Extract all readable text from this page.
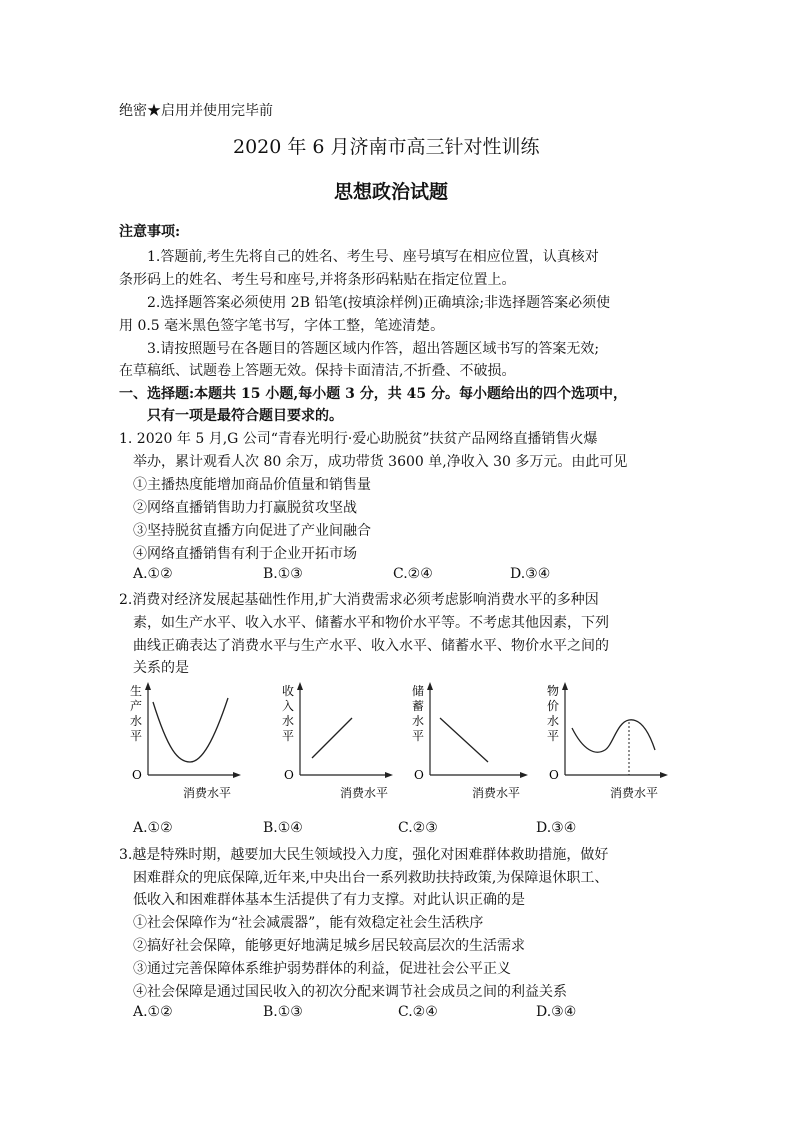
绝密★启用并使用完毕前
2020 年 6 月济南市高三针对性训练
思想政治试题
注意事项:
1.答题前,考生先将自己的姓名、考生号、座号填写在相应位置，认真核对
条形码上的姓名、考生号和座号,并将条形码粘贴在指定位置上。
2.选择题答案必须使用 2B 铅笔(按填涂样例)正确填涂;非选择题答案必须使
用 0.5 毫米黑色签字笔书写，字体工整，笔迹清楚。
3.请按照题号在各题目的答题区域内作答，超出答题区域书写的答案无效;
在草稿纸、试题卷上答题无效。保持卡面清洁,不折叠、不破损。
一、选择题:本题共 15 小题,每小题 3 分，共 45 分。每小题给出的四个选项中，
只有一项是最符合题目要求的。
1. 2020 年 5 月,G 公司“青春光明行·爱心助脱贫”扶贫产品网络直播销售火爆
举办，累计观看人次 80 余万，成功带货 3600 单,净收入 30 多万元。由此可见
①主播热度能增加商品价值量和销售量
②网络直播销售助力打赢脱贫攻坚战
③坚持脱贫直播方向促进了产业间融合
④网络直播销售有利于企业开拓市场
A.①②	B.①③	C.②④	D.③④
2.消费对经济发展起基础性作用,扩大消费需求必须考虑影响消费水平的多种因
素，如生产水平、收入水平、储蓄水平和物价水平等。不考虑其他因素，下列
曲线正确表达了消费水平与生产水平、收入水平、储蓄水平、物价水平之间的
关系的是
生
产
水
平
O
消费水平
收
入
水
平
O
消费水平
储
蓄
水
平
O
消费水平
物
价
水
平
O
消费水平
A.①②	B.①④	C.②③	D.③④
3.越是特殊时期，越要加大民生领域投入力度，强化对困难群体救助措施，做好
困难群众的兜底保障,近年来,中央出台一系列救助扶持政策,为保障退休职工、
低收入和困难群体基本生活提供了有力支撑。对此认识正确的是
①社会保障作为“社会减震器”，能有效稳定社会生活秩序
②搞好社会保障，能够更好地满足城乡居民较高层次的生活需求
③通过完善保障体系维护弱势群体的利益，促进社会公平正义
④社会保障是通过国民收入的初次分配来调节社会成员之间的利益关系
A.①②	B.①③	C.②④	D.③④
